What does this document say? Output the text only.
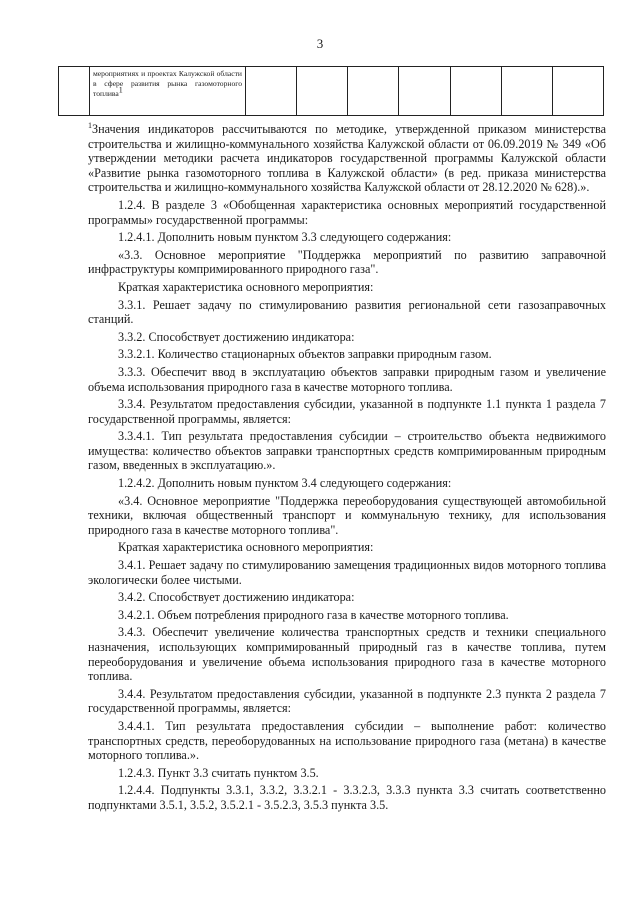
3

мероприятиях и проектах Калужской области в сфере развития рынка газомоторного топлива1

$^1$Значения индикаторов рассчитываются по методике, утвержденной приказом министерства строительства и жилищно-коммунального хозяйства Калужской области от 06.09.2019 № 349 «Об утверждении методики расчета индикаторов государственной программы Калужской области «Развитие рынка газомоторного топлива в Калужской области» (в ред. приказа министерства строительства и жилищно-коммунального хозяйства Калужской области от 28.12.2020 № 628).».

1.2.4. В разделе 3 «Обобщенная характеристика основных мероприятий государственной программы» государственной программы:

1.2.4.1. Дополнить новым пунктом 3.3 следующего содержания:

«3.3. Основное мероприятие "Поддержка мероприятий по развитию заправочной инфраструктуры компримированного природного газа".

Краткая характеристика основного мероприятия:

3.3.1. Решает задачу по стимулированию развития региональной сети газозаправочных станций.

3.3.2. Способствует достижению индикатора:

3.3.2.1. Количество стационарных объектов заправки природным газом.

3.3.3. Обеспечит ввод в эксплуатацию объектов заправки природным газом и увеличение объема использования природного газа в качестве моторного топлива.

3.3.4. Результатом предоставления субсидии, указанной в подпункте 1.1 пункта 1 раздела 7 государственной программы, является:

3.3.4.1. Тип результата предоставления субсидии – строительство объекта недвижимого имущества: количество объектов заправки транспортных средств компримированным природным газом, введенных в эксплуатацию.».

1.2.4.2. Дополнить новым пунктом 3.4 следующего содержания:

«3.4. Основное мероприятие "Поддержка переоборудования существующей автомобильной техники, включая общественный транспорт и коммунальную технику, для использования природного газа в качестве моторного топлива".

Краткая характеристика основного мероприятия:

3.4.1. Решает задачу по стимулированию замещения традиционных видов моторного топлива экологически более чистыми.

3.4.2. Способствует достижению индикатора:

3.4.2.1. Объем потребления природного газа в качестве моторного топлива.

3.4.3. Обеспечит увеличение количества транспортных средств и техники специального назначения, использующих компримированный природный газ в качестве топлива, путем переоборудования и увеличение объема использования природного газа в качестве моторного топлива.

3.4.4. Результатом предоставления субсидии, указанной в подпункте 2.3 пункта 2 раздела 7 государственной программы, является:

3.4.4.1. Тип результата предоставления субсидии – выполнение работ: количество транспортных средств, переоборудованных на использование природного газа (метана) в качестве моторного топлива.».

1.2.4.3. Пункт 3.3 считать пунктом 3.5.

1.2.4.4. Подпункты 3.3.1, 3.3.2, 3.3.2.1 - 3.3.2.3, 3.3.3 пункта 3.3 считать соответственно подпунктами 3.5.1, 3.5.2, 3.5.2.1 - 3.5.2.3, 3.5.3 пункта 3.5.
